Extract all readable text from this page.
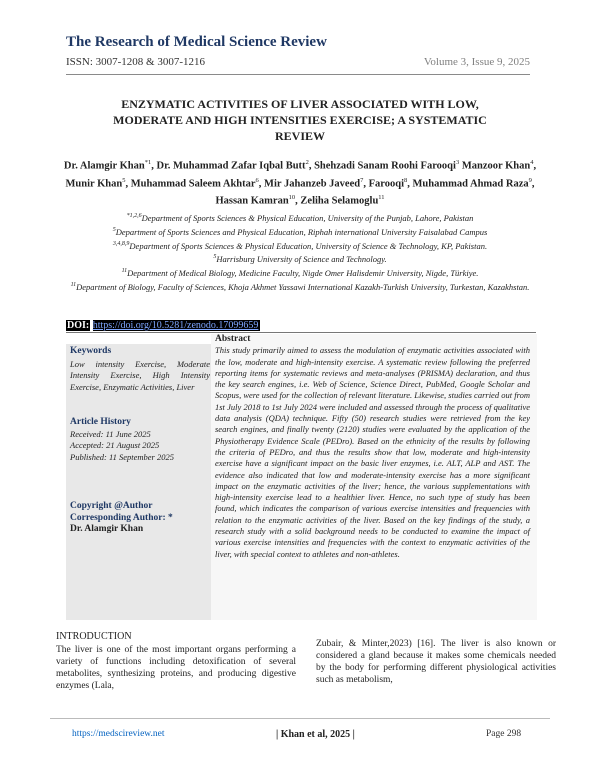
The Research of Medical Science Review
ISSN: 3007-1208 & 3007-1216	Volume 3, Issue 9, 2025
ENZYMATIC ACTIVITIES OF LIVER ASSOCIATED WITH LOW, MODERATE AND HIGH INTENSITIES EXERCISE; A SYSTEMATIC REVIEW
Dr. Alamgir Khan$^{*1}$, Dr. Muhammad Zafar Iqbal Butt$^2$, Shehzadi Sanam Roohi Farooqi$^3$ Manzoor Khan$^4$, Munir Khan$^5$, Muhammad Saleem Akhtar$^6$, Mir Jahanzeb Javeed$^7$, Farooqi$^8$, Muhammad Ahmad Raza$^9$, Hassan Kamran$^{10}$, Zeliha Selamoglu$^{11}$
$^{*1,2,6}$Department of Sports Sciences & Physical Education, University of the Punjab, Lahore, Pakistan
$^5$Department of Sports Sciences and Physical Education, Riphah international University Faisalabad Campus
$^{3,4,8,9}$Department of Sports Sciences & Physical Education, University of Science & Technology, KP, Pakistan.
$^5$Harrisburg University of Science and Technology.
$^{11}$Department of Medical Biology, Medicine Faculty, Nigde Omer Halisdemir University, Nigde, Türkiye.
$^{11}$Department of Biology, Faculty of Sciences, Khoja Akhmet Yassawi International Kazakh-Turkish University, Turkestan, Kazakhstan.
DOI: https://doi.org/10.5281/zenodo.17099659
Keywords
Low intensity Exercise, Moderate Intensity Exercise, High Intensity Exercise, Enzymatic Activities, Liver
Article History
Received: 11 June 2025
Accepted: 21 August 2025
Published: 11 September 2025
Copyright @Author
Corresponding Author: *
Dr. Alamgir Khan
Abstract
This study primarily aimed to assess the modulation of enzymatic activities associated with the low, moderate and high-intensity exercise. A systematic review following the preferred reporting items for systematic reviews and meta-analyses (PRISMA) declaration, and thus the key search engines, i.e. Web of Science, Science Direct, PubMed, Google Scholar and Scopus, were used for the collection of relevant literature. Likewise, studies carried out from 1st July 2018 to 1st July 2024 were included and assessed through the process of qualitative data analysis (QDA) technique. Fifty (50) research studies were retrieved from the key search engines, and finally twenty (2120) studies were evaluated by the application of the Physiotherapy Evidence Scale (PEDro). Based on the ethnicity of the results by following the criteria of PEDro, and thus the results show that low, moderate and high-intensity exercise have a significant impact on the basic liver enzymes, i.e. ALT, ALP and AST. The evidence also indicated that low and moderate-intensity exercise has a more significant impact on the enzymatic activities of the liver; hence, the various supplementations with high-intensity exercise lead to a healthier liver. Hence, no such type of study has been found, which indicates the comparison of various exercise intensities and frequencies with relation to the enzymatic activities of the liver. Based on the key findings of the study, a research study with a solid background needs to be conducted to examine the impact of various exercise intensities and frequencies with the context to enzymatic activities of the liver, with special context to athletes and non-athletes.
INTRODUCTION
The liver is one of the most important organs performing a variety of functions including detoxification of several metabolites, synthesizing proteins, and producing digestive enzymes (Lala,
Zubair, & Minter,2023) [16]. The liver is also known or considered a gland because it makes some chemicals needed by the body for performing different physiological activities such as metabolism,
https://medscireview.net	| Khan et al, 2025 |	Page 298
